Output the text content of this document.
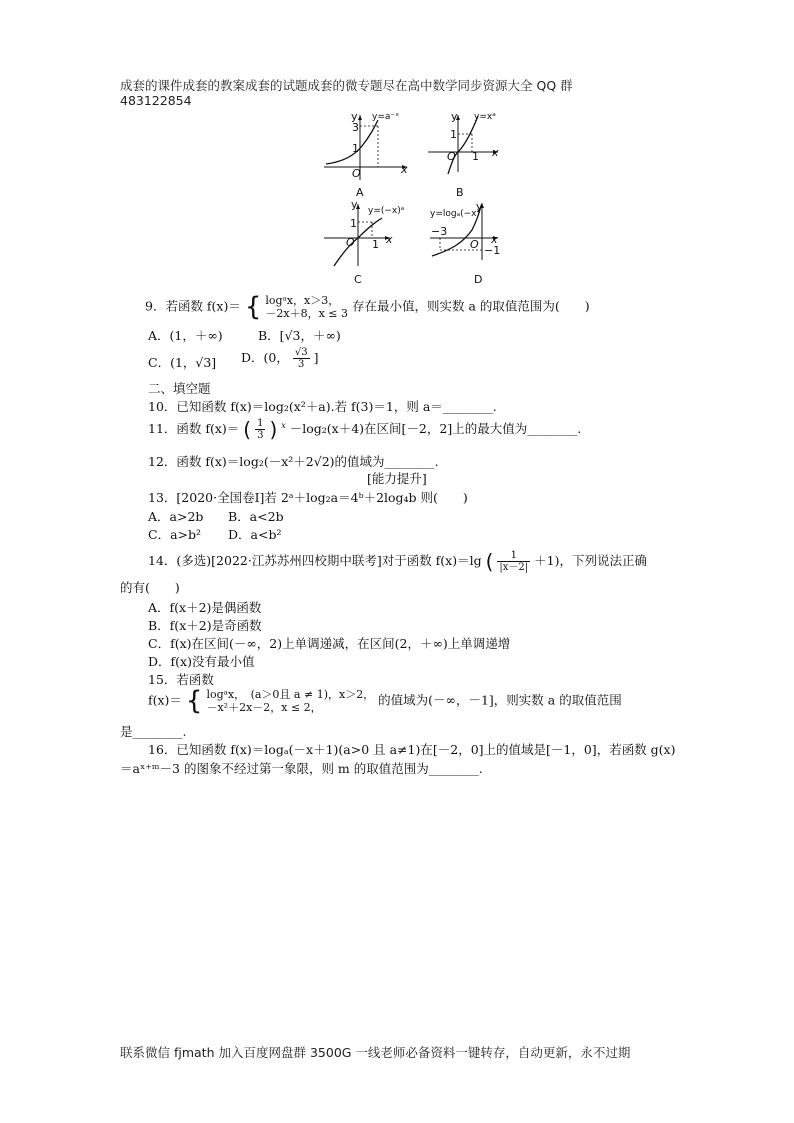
成套的课件成套的教案成套的试题成套的微专题尽在高中数学同步资源大全 QQ 群
483122854
y y=a⁻ˣ
3
1
O	x
A
y y=xᵃ
1
O 1 x
B
y y=(−x)ᵃ
1
O 1 x
C
y=logₐ(−x)
y
−3
O x
−1
D
9．若函数 f(x)＝ { logᵃx，x＞3，
－2x＋8，x ≤ 3 存在最小值，则实数 a 的取值范围为(　　)
A．(1，＋∞)	B．[√3，＋∞)
C．(1，√3] D．(0， $\frac{√3}{3}$ ]
二、填空题
10．已知函数 f(x)＝log₂(x²＋a).若 f(3)＝1，则 a＝________.
11．函数 f(x)＝ ( $\frac{1}{3}$ ) $^x$ －log₂(x＋4)在区间[－2，2]上的最大值为________.
12．函数 f(x)＝log₂(－x²＋2√2)的值域为________.
[能力提升]
13．[2020·全国卷Ⅰ]若 2ᵃ＋log₂a＝4ᵇ＋2log₄b 则(　　)
A．a>2b B．a<2b
C．a>b² D．a<b²
14．(多选)[2022·江苏苏州四校期中联考]对于函数 f(x)＝lg ( $\frac{1}{|x-2|} +1$)，下列说法正确
的有(　　)
A．f(x＋2)是偶函数
B．f(x＋2)是奇函数
C．f(x)在区间(－∞，2)上单调递减，在区间(2，＋∞)上单调递增
D．f(x)没有最小值
15．若函数
f(x)＝ { logᵃx，　(a＞0且 a ≠ 1)，x＞2，
－x²＋2x－2，x ≤ 2，	的值域为(－∞，－1]，则实数 a 的取值范围
是________.
16．已知函数 f(x)＝logₐ(－x＋1)(a>0 且 a≠1)在[－2，0]上的值域是[－1，0]，若函数 g(x)
＝aˣ⁺ᵐ－3 的图象不经过第一象限，则 m 的取值范围为________.
联系微信 fjmath 加入百度网盘群 3500G 一线老师必备资料一键转存，自动更新，永不过期
